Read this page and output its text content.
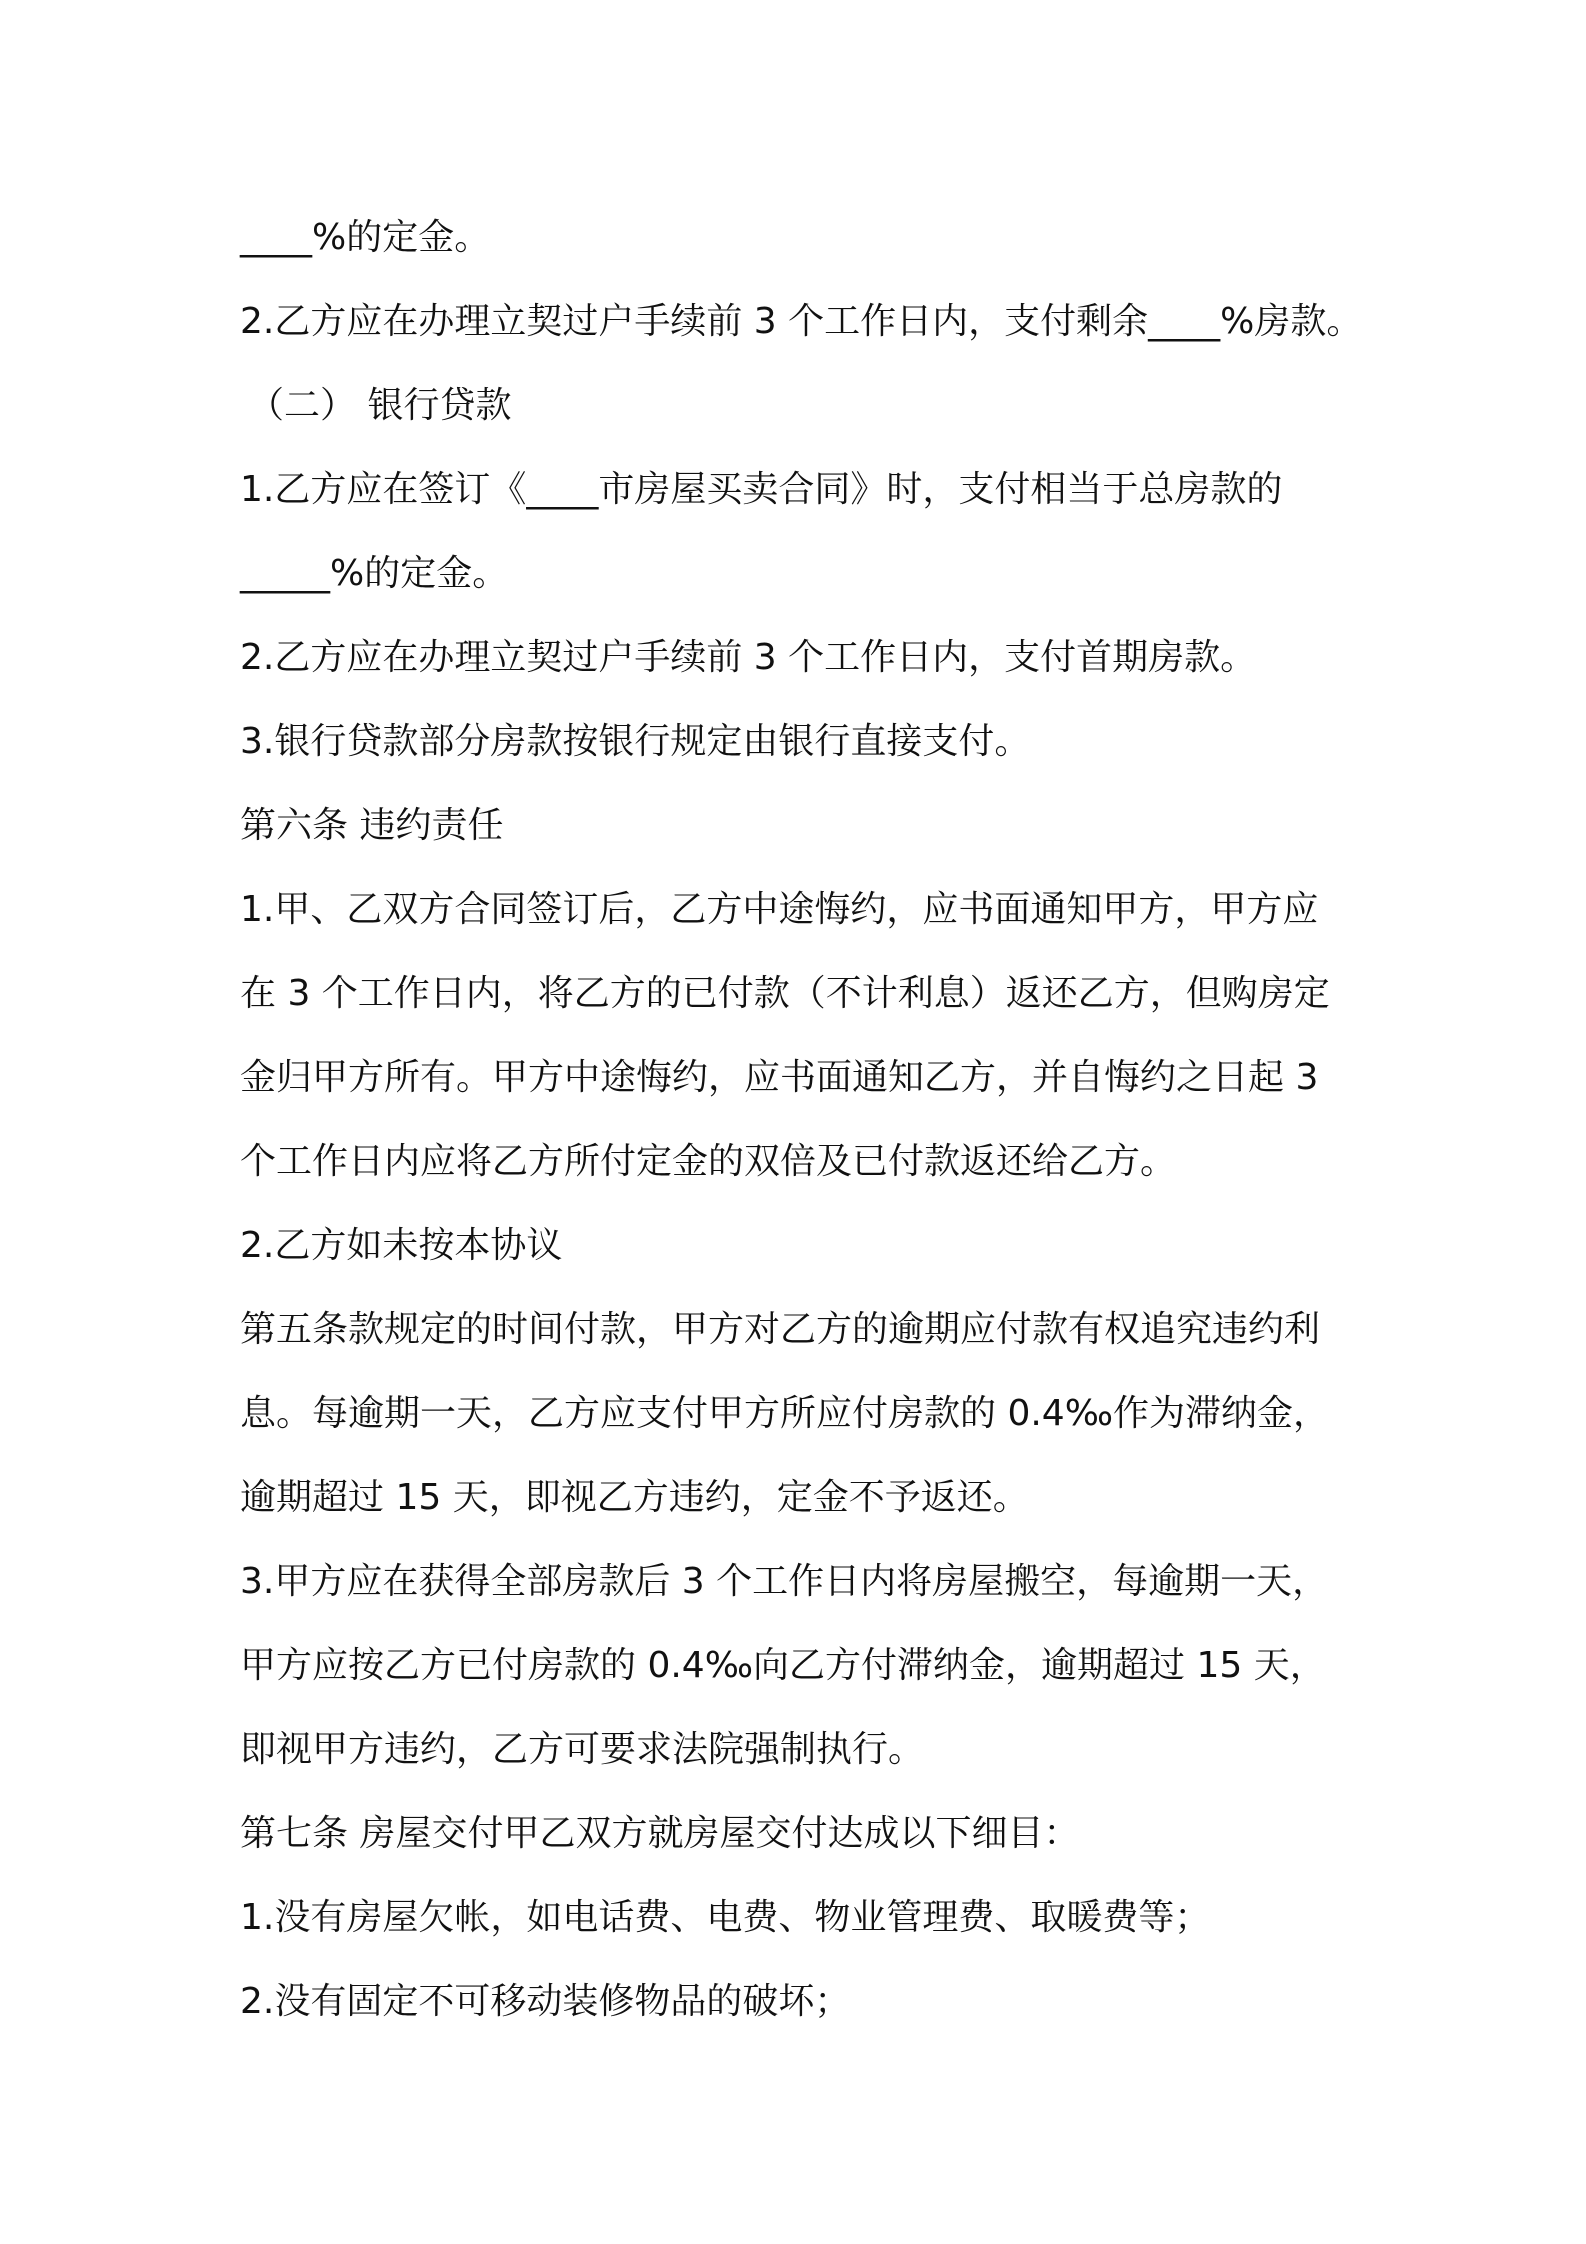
____%的定金。
2.乙方应在办理立契过户手续前 3 个工作日内，支付剩余____%房款。
（二） 银行贷款
1.乙方应在签订《____市房屋买卖合同》时，支付相当于总房款的
_____%的定金。
2.乙方应在办理立契过户手续前 3 个工作日内，支付首期房款。
3.银行贷款部分房款按银行规定由银行直接支付。
第六条 违约责任
1.甲、乙双方合同签订后，乙方中途悔约，应书面通知甲方，甲方应
在 3 个工作日内，将乙方的已付款（不计利息）返还乙方，但购房定
金归甲方所有。甲方中途悔约，应书面通知乙方，并自悔约之日起 3
个工作日内应将乙方所付定金的双倍及已付款返还给乙方。
2.乙方如未按本协议
第五条款规定的时间付款，甲方对乙方的逾期应付款有权追究违约利
息。每逾期一天，乙方应支付甲方所应付房款的 0.4‰作为滞纳金，
逾期超过 15 天，即视乙方违约，定金不予返还。
3.甲方应在获得全部房款后 3 个工作日内将房屋搬空，每逾期一天，
甲方应按乙方已付房款的 0.4‰向乙方付滞纳金，逾期超过 15 天，
即视甲方违约，乙方可要求法院强制执行。
第七条 房屋交付甲乙双方就房屋交付达成以下细目：
1.没有房屋欠帐，如电话费、电费、物业管理费、取暖费等；
2.没有固定不可移动装修物品的破坏；
